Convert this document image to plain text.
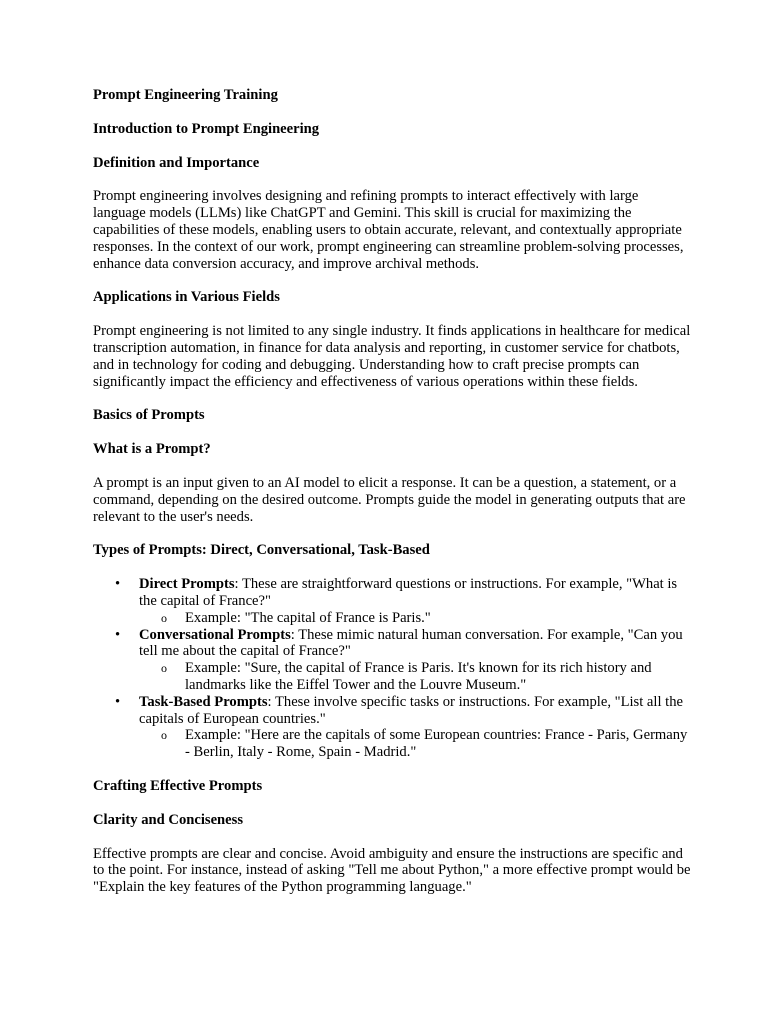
Prompt Engineering Training
Introduction to Prompt Engineering
Definition and Importance
Prompt engineering involves designing and refining prompts to interact effectively with large language models (LLMs) like ChatGPT and Gemini. This skill is crucial for maximizing the capabilities of these models, enabling users to obtain accurate, relevant, and contextually appropriate responses. In the context of our work, prompt engineering can streamline problem-solving processes, enhance data conversion accuracy, and improve archival methods.
Applications in Various Fields
Prompt engineering is not limited to any single industry. It finds applications in healthcare for medical transcription automation, in finance for data analysis and reporting, in customer service for chatbots, and in technology for coding and debugging. Understanding how to craft precise prompts can significantly impact the efficiency and effectiveness of various operations within these fields.
Basics of Prompts
What is a Prompt?
A prompt is an input given to an AI model to elicit a response. It can be a question, a statement, or a command, depending on the desired outcome. Prompts guide the model in generating outputs that are relevant to the user's needs.
Types of Prompts: Direct, Conversational, Task-Based
• Direct Prompts: These are straightforward questions or instructions. For example, "What is the capital of France?"
o Example: "The capital of France is Paris."
• Conversational Prompts: These mimic natural human conversation. For example, "Can you tell me about the capital of France?"
o Example: "Sure, the capital of France is Paris. It's known for its rich history and landmarks like the Eiffel Tower and the Louvre Museum."
• Task-Based Prompts: These involve specific tasks or instructions. For example, "List all the capitals of European countries."
o Example: "Here are the capitals of some European countries: France - Paris, Germany - Berlin, Italy - Rome, Spain - Madrid."
Crafting Effective Prompts
Clarity and Conciseness
Effective prompts are clear and concise. Avoid ambiguity and ensure the instructions are specific and to the point. For instance, instead of asking "Tell me about Python," a more effective prompt would be "Explain the key features of the Python programming language."
